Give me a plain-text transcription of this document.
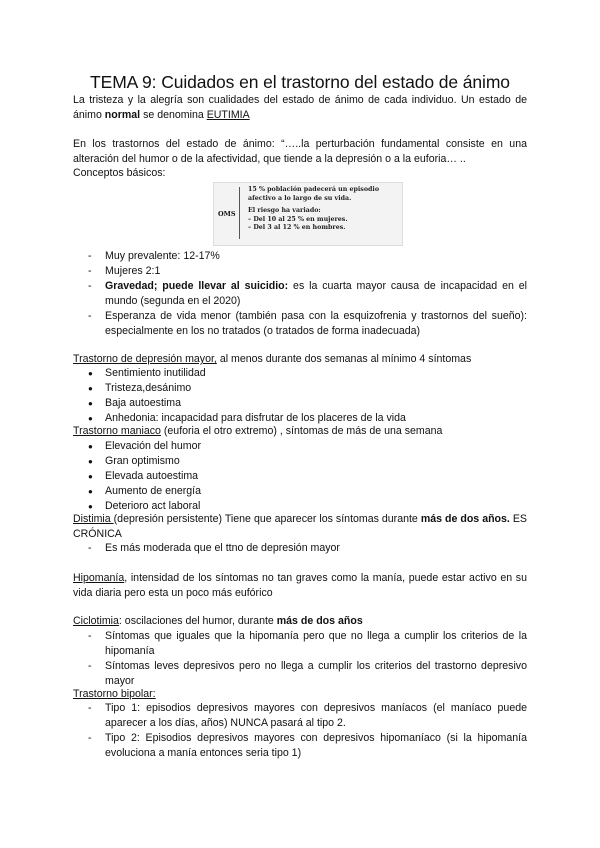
TEMA 9: Cuidados en el trastorno del estado de ánimo

La tristeza y la alegría son cualidades del estado de ánimo de cada individuo. Un estado de ánimo normal se denomina EUTIMIA

En los trastornos del estado de ánimo: “…..la perturbación fundamental consiste en una alteración del humor o de la afectividad, que tiende a la depresión o a la euforia… ..

Conceptos básicos:

OMS
15 % población padecerá un episodio
afectivo a lo largo de su vida.
El riesgo ha variado:
– Del 10 al 25 % en mujeres.
– Del 3 al 12 % en hombres.
- Muy prevalente: 12-17%
- Mujeres 2:1
- Gravedad; puede llevar al suicidio: es la cuarta mayor causa de incapacidad en el mundo (segunda en el 2020)
- Esperanza de vida menor (también pasa con la esquizofrenia y trastornos del sueño): especialmente en los no tratados (o tratados de forma inadecuada)

Trastorno de depresión mayor, al menos durante dos semanas al mínimo 4 síntomas

● Sentimiento inutilidad
● Tristeza,desánimo
● Baja autoestima
● Anhedonia: incapacidad para disfrutar de los placeres de la vida

Trastorno maniaco (euforia el otro extremo) , síntomas de más de una semana

● Elevación del humor
● Gran optimismo
● Elevada autoestima
● Aumento de energía
● Deterioro act laboral

Distimia (depresión persistente) Tiene que aparecer los síntomas durante más de dos años. ES CRÓNICA

- Es más moderada que el ttno de depresión mayor

Hipomanía, intensidad de los síntomas no tan graves como la manía, puede estar activo en su vida diaria pero esta un poco más eufórico

Ciclotimia: oscilaciones del humor, durante más de dos años

- Síntomas que iguales que la hipomanía pero que no llega a cumplir los criterios de la hipomanía
- Síntomas leves depresivos pero no llega a cumplir los criterios del trastorno depresivo mayor

Trastorno bipolar:

- Tipo 1: episodios depresivos mayores con depresivos maníacos (el maníaco puede aparecer a los días, años) NUNCA pasará al tipo 2.
- Tipo 2: Episodios depresivos mayores con depresivos hipomaníaco (si la hipomanía evoluciona a manía entonces seria tipo 1)
